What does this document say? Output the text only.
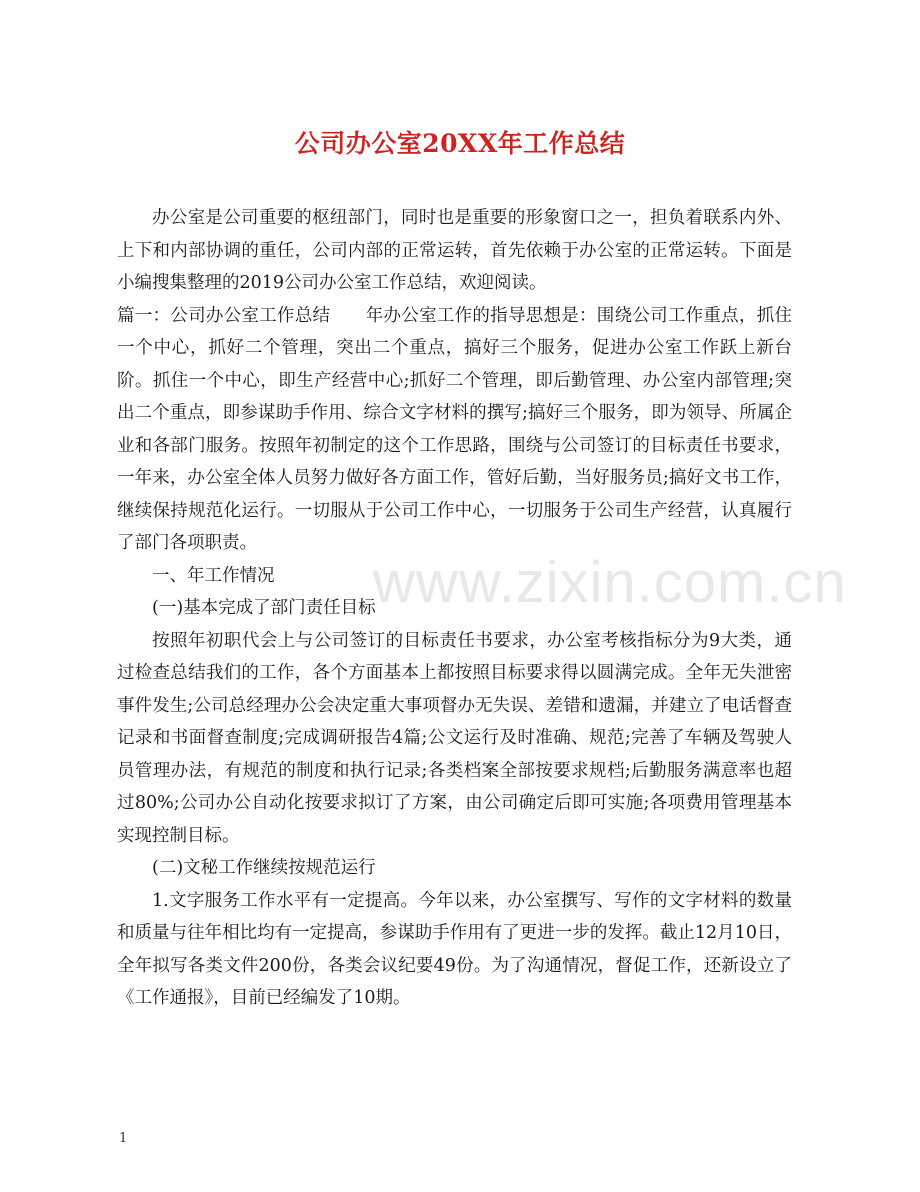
www.zixin.com.cn
公司办公室20XX年工作总结

办公室是公司重要的枢纽部门，同时也是重要的形象窗口之一，担负着联系内外、上下和内部协调的重任，公司内部的正常运转，首先依赖于办公室的正常运转。下面是小编搜集整理的2019公司办公室工作总结，欢迎阅读。

篇一：公司办公室工作总结　　年办公室工作的指导思想是：围绕公司工作重点，抓住一个中心，抓好二个管理，突出二个重点，搞好三个服务，促进办公室工作跃上新台阶。抓住一个中心，即生产经营中心;抓好二个管理，即后勤管理、办公室内部管理;突出二个重点，即参谋助手作用、综合文字材料的撰写;搞好三个服务，即为领导、所属企业和各部门服务。按照年初制定的这个工作思路，围绕与公司签订的目标责任书要求，一年来，办公室全体人员努力做好各方面工作，管好后勤，当好服务员;搞好文书工作，继续保持规范化运行。一切服从于公司工作中心，一切服务于公司生产经营，认真履行了部门各项职责。

一、年工作情况

(一)基本完成了部门责任目标

按照年初职代会上与公司签订的目标责任书要求，办公室考核指标分为9大类，通过检查总结我们的工作，各个方面基本上都按照目标要求得以圆满完成。全年无失泄密事件发生;公司总经理办公会决定重大事项督办无失误、差错和遗漏，并建立了电话督查记录和书面督查制度;完成调研报告4篇;公文运行及时准确、规范;完善了车辆及驾驶人员管理办法，有规范的制度和执行记录;各类档案全部按要求规档;后勤服务满意率也超过80%;公司办公自动化按要求拟订了方案，由公司确定后即可实施;各项费用管理基本实现控制目标。

(二)文秘工作继续按规范运行

1.文字服务工作水平有一定提高。今年以来，办公室撰写、写作的文字材料的数量和质量与往年相比均有一定提高，参谋助手作用有了更进一步的发挥。截止12月10日，全年拟写各类文件200份，各类会议纪要49份。为了沟通情况，督促工作，还新设立了《工作通报》，目前已经编发了10期。

1
